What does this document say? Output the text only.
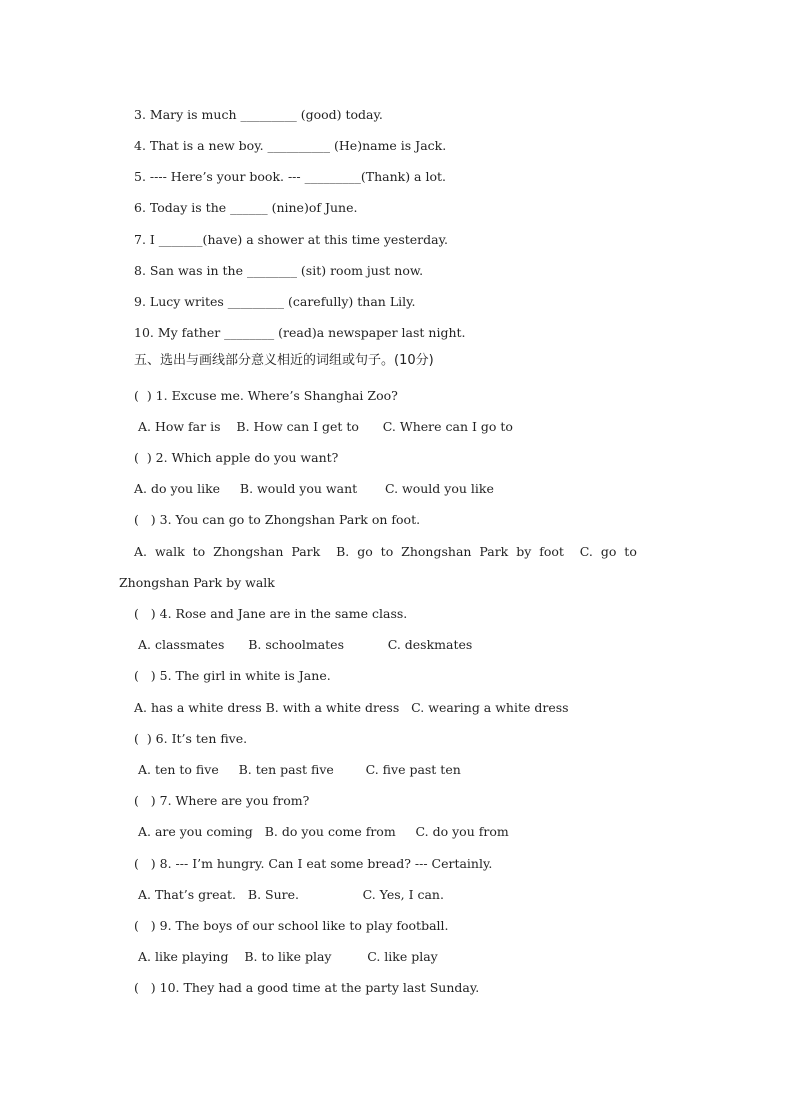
3. Mary is much _________ (good) today.
4. That is a new boy. __________ (He)name is Jack.
5. ---- Here’s your book. --- _________(Thank) a lot.
6. Today is the ______ (nine)of June.
7. I _______(have) a shower at this time yesterday.
8. San was in the ________ (sit) room just now.
9. Lucy writes _________ (carefully) than Lily.
10. My father ________ (read)a newspaper last night.
五、选出与画线部分意义相近的词组或句子。(10分)
(  ) 1. Excuse me. Where’s Shanghai Zoo?
A. How far is    B. How can I get to      C. Where can I go to
(  ) 2. Which apple do you want?
A. do you like     B. would you want       C. would you like
(   ) 3. You can go to Zhongshan Park on foot.
A.  walk  to  Zhongshan  Park    B.  go  to  Zhongshan  Park  by  foot    C.  go  to
Zhongshan Park by walk
(   ) 4. Rose and Jane are in the same class.
A. classmates      B. schoolmates           C. deskmates
(   ) 5. The girl in white is Jane.
A. has a white dress B. with a white dress   C. wearing a white dress
(  ) 6. It’s ten five.
A. ten to five     B. ten past five        C. five past ten
(   ) 7. Where are you from?
A. are you coming   B. do you come from     C. do you from
(   ) 8. --- I’m hungry. Can I eat some bread? --- Certainly.
A. That’s great.   B. Sure.                C. Yes, I can.
(   ) 9. The boys of our school like to play football.
A. like playing    B. to like play         C. like play
(   ) 10. They had a good time at the party last Sunday.
